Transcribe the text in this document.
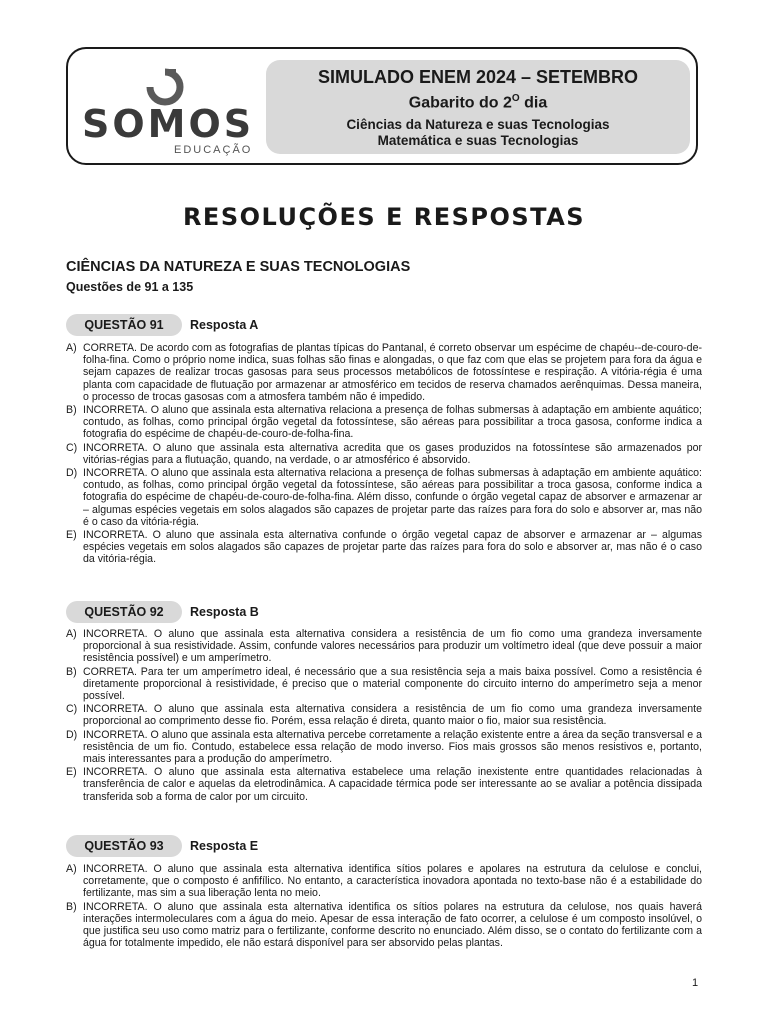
SOMOS
EDUCAÇÃO
SIMULADO ENEM 2024 – SETEMBRO
Gabarito do $2^O$ dia
Ciências da Natureza e suas Tecnologias
Matemática e suas Tecnologias
RESOLUÇÕES E RESPOSTAS
CIÊNCIAS DA NATUREZA E SUAS TECNOLOGIAS
Questões de 91 a 135
QUESTÃO 91	Resposta A
A) CORRETA. De acordo com as fotografias de plantas típicas do Pantanal, é correto observar um espécime de chapéu--de-couro-de-folha-fina. Como o próprio nome indica, suas folhas são finas e alongadas, o que faz com que elas se projetem para fora da água e sejam capazes de realizar trocas gasosas para seus processos metabólicos de fotossíntese e respiração. A vitória-régia é uma planta com capacidade de flutuação por armazenar ar atmosférico em tecidos de reserva chamados aerênquimas. Dessa maneira, o processo de trocas gasosas com a atmosfera também não é impedido.
B) INCORRETA. O aluno que assinala esta alternativa relaciona a presença de folhas submersas à adaptação em ambiente aquático; contudo, as folhas, como principal órgão vegetal da fotossíntese, são aéreas para possibilitar a troca gasosa, conforme indica a fotografia do espécime de chapéu-de-couro-de-folha-fina.
C) INCORRETA. O aluno que assinala esta alternativa acredita que os gases produzidos na fotossíntese são armazenados por vitórias-régias para a flutuação, quando, na verdade, o ar atmosférico é absorvido.
D) INCORRETA. O aluno que assinala esta alternativa relaciona a presença de folhas submersas à adaptação em ambiente aquático: contudo, as folhas, como principal órgão vegetal da fotossíntese, são aéreas para possibilitar a troca gasosa, conforme indica a fotografia do espécime de chapéu-de-couro-de-folha-fina. Além disso, confunde o órgão vegetal capaz de absorver e armazenar ar – algumas espécies vegetais em solos alagados são capazes de projetar parte das raízes para fora do solo e absorver ar, mas não é o caso da vitória-régia.
E) INCORRETA. O aluno que assinala esta alternativa confunde o órgão vegetal capaz de absorver e armazenar ar – algumas espécies vegetais em solos alagados são capazes de projetar parte das raízes para fora do solo e absorver ar, mas não é o caso da vitória-régia.
QUESTÃO 92	Resposta B
A) INCORRETA. O aluno que assinala esta alternativa considera a resistência de um fio como uma grandeza inversamente proporcional à sua resistividade. Assim, confunde valores necessários para produzir um voltímetro ideal (que deve possuir a maior resistência possível) e um amperímetro.
B) CORRETA. Para ter um amperímetro ideal, é necessário que a sua resistência seja a mais baixa possível. Como a resistência é diretamente proporcional à resistividade, é preciso que o material componente do circuito interno do amperímetro seja a menor possível.
C) INCORRETA. O aluno que assinala esta alternativa considera a resistência de um fio como uma grandeza inversamente proporcional ao comprimento desse fio. Porém, essa relação é direta, quanto maior o fio, maior sua resistência.
D) INCORRETA. O aluno que assinala esta alternativa percebe corretamente a relação existente entre a área da seção transversal e a resistência de um fio. Contudo, estabelece essa relação de modo inverso. Fios mais grossos são menos resistivos e, portanto, mais interessantes para a produção do amperímetro.
E) INCORRETA. O aluno que assinala esta alternativa estabelece uma relação inexistente entre quantidades relacionadas à transferência de calor e aquelas da eletrodinâmica. A capacidade térmica pode ser interessante ao se avaliar a potência dissipada transferida sob a forma de calor por um circuito.
QUESTÃO 93	Resposta E
A) INCORRETA. O aluno que assinala esta alternativa identifica sítios polares e apolares na estrutura da celulose e conclui, corretamente, que o composto é anfifílico. No entanto, a característica inovadora apontada no texto-base não é a estabilidade do fertilizante, mas sim a sua liberação lenta no meio.
B) INCORRETA. O aluno que assinala esta alternativa identifica os sítios polares na estrutura da celulose, nos quais haverá interações intermoleculares com a água do meio. Apesar de essa interação de fato ocorrer, a celulose é um composto insolúvel, o que justifica seu uso como matriz para o fertilizante, conforme descrito no enunciado. Além disso, se o contato do fertilizante com a água for totalmente impedido, ele não estará disponível para ser absorvido pelas plantas.
1
